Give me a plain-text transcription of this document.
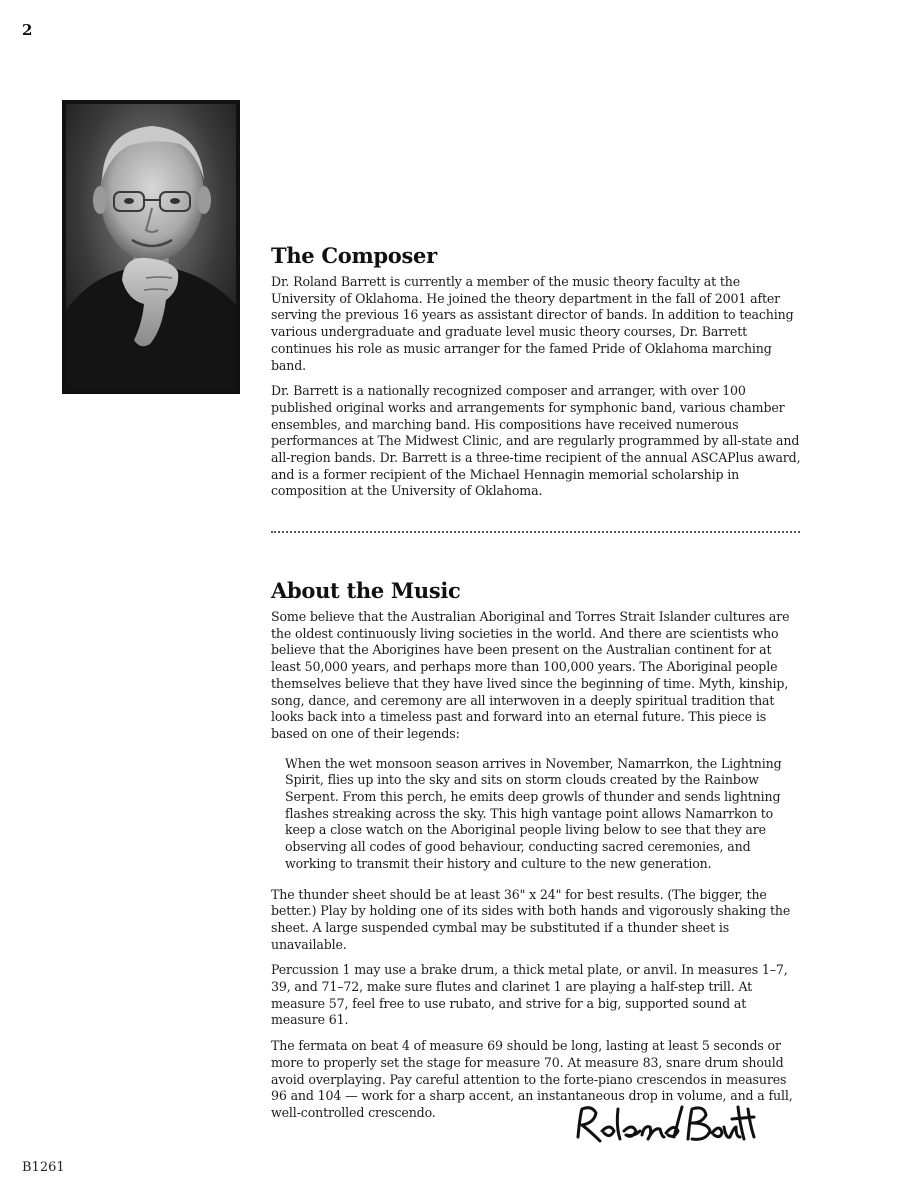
2
The Composer

Dr. Roland Barrett is currently a member of the music theory faculty at the University of Oklahoma. He joined the theory department in the fall of 2001 after serving the previous 16 years as assistant director of bands. In addition to teaching various undergraduate and graduate level music theory courses, Dr. Barrett continues his role as music arranger for the famed Pride of Oklahoma marching band.

Dr. Barrett is a nationally recognized composer and arranger, with over 100 published original works and arrangements for symphonic band, various chamber ensembles, and marching band. His compositions have received numerous performances at The Midwest Clinic, and are regularly programmed by all-state and all-region bands. Dr. Barrett is a three-time recipient of the annual ASCAPlus award, and is a former recipient of the Michael Hennagin memorial scholarship in composition at the University of Oklahoma.

About the Music

Some believe that the Australian Aboriginal and Torres Strait Islander cultures are the oldest continuously living societies in the world. And there are scientists who believe that the Aborigines have been present on the Australian continent for at least 50,000 years, and perhaps more than 100,000 years. The Aboriginal people themselves believe that they have lived since the beginning of time. Myth, kinship, song, dance, and ceremony are all interwoven in a deeply spiritual tradition that looks back into a timeless past and forward into an eternal future. This piece is based on one of their legends:

When the wet monsoon season arrives in November, Namarrkon, the Lightning Spirit, flies up into the sky and sits on storm clouds created by the Rainbow Serpent. From this perch, he emits deep growls of thunder and sends lightning flashes streaking across the sky. This high vantage point allows Namarrkon to keep a close watch on the Aboriginal people living below to see that they are observing all codes of good behaviour, conducting sacred ceremonies, and working to transmit their history and culture to the new generation.

The thunder sheet should be at least 36" x 24" for best results. (The bigger, the better.) Play by holding one of its sides with both hands and vigorously shaking the sheet. A large suspended cymbal may be substituted if a thunder sheet is unavailable.

Percussion 1 may use a brake drum, a thick metal plate, or anvil. In measures 1–7, 39, and 71–72, make sure flutes and clarinet 1 are playing a half-step trill. At measure 57, feel free to use rubato, and strive for a big, supported sound at measure 61.

The fermata on beat 4 of measure 69 should be long, lasting at least 5 seconds or more to properly set the stage for measure 70. At measure 83, snare drum should avoid overplaying. Pay careful attention to the forte-piano crescendos in measures 96 and 104 — work for a sharp accent, an instantaneous drop in volume, and a full, well-controlled crescendo.

B1261
